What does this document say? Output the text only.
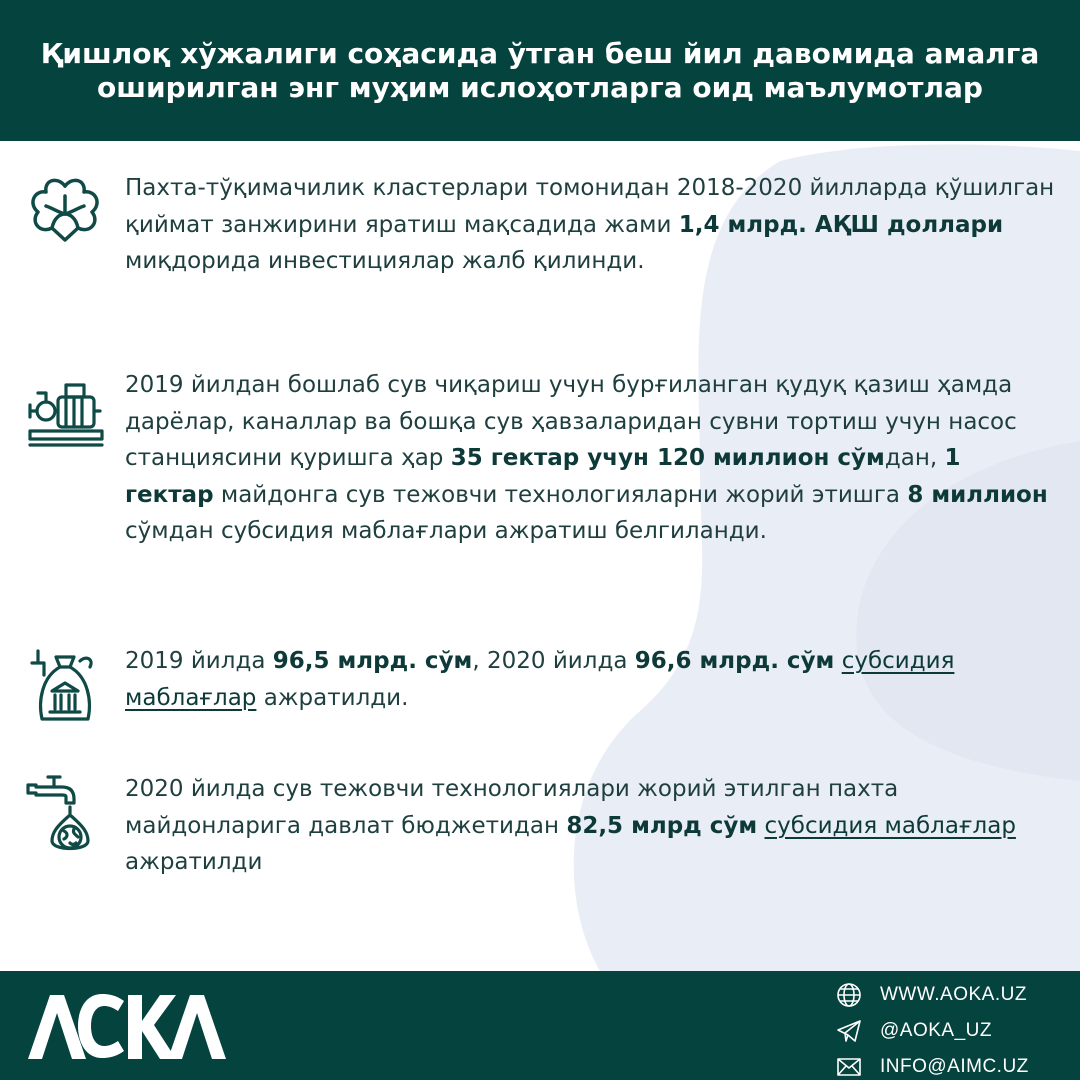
Қишлоқ хўжалиги соҳасида ўтган беш йил давомида амалга оширилган энг муҳим ислоҳотларга оид маълумотлар

Пахта-тўқимачилик кластерлари томонидан 2018-2020 йилларда қўшилган қиймат занжирини яратиш мақсадида жами 1,4 млрд. АҚШ доллари миқдорида инвестициялар жалб қилинди.

2019 йилдан бошлаб сув чиқариш учун бурғиланган қудуқ қазиш ҳамда дарёлар, каналлар ва бошқа сув ҳавзаларидан сувни тортиш учун насос станциясини қуришга ҳар 35 гектар учун 120 миллион сўмдан, 1 гектар майдонга сув тежовчи технологияларни жорий этишга 8 миллион сўмдан субсидия маблағлари ажратиш белгиланди.

2019 йилда 96,5 млрд. сўм, 2020 йилда 96,6 млрд. сўм субсидия маблағлар ажратилди.

2020 йилда сув тежовчи технологиялари жорий этилган пахта майдонларига давлат бюджетидан 82,5 млрд сўм субсидия маблағлар ажратилди

WWW.AOKA.UZ
@AOKA_UZ
INFO@AIMC.UZ
